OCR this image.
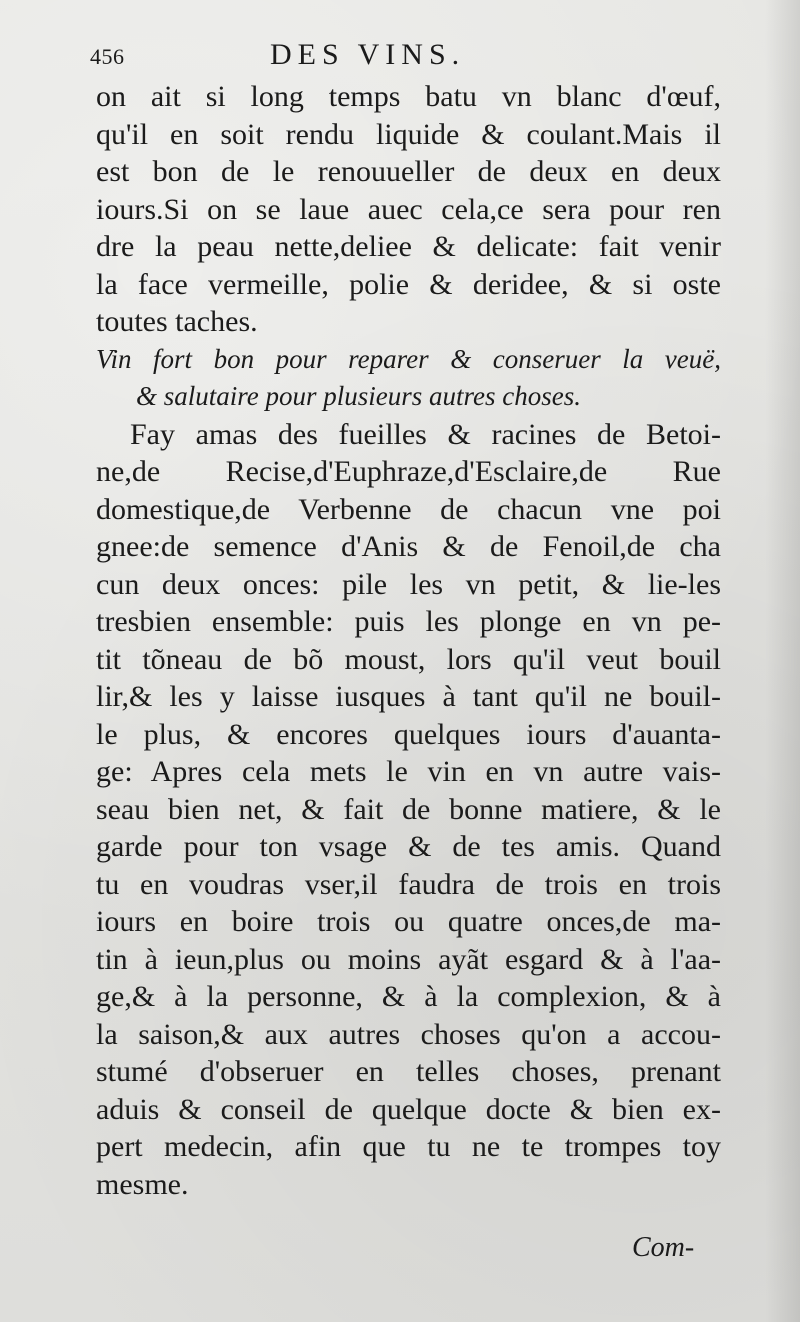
456	DES VINS.
on ait si long temps batu vn blanc d'œuf,
qu'il en soit rendu liquide & coulant.Mais il
est bon de le renouueller de deux en deux
iours.Si on se laue auec cela,ce sera pour ren
dre la peau nette,deliee & delicate: fait venir
la face vermeille, polie & deridee, & si oste
toutes taches.
Vin fort bon pour reparer & conseruer la veuë,
& salutaire pour plusieurs autres choses.
Fay amas des fueilles & racines de Betoi-
ne,de Recise,d'Euphraze,d'Esclaire,de Rue
domestique,de Verbenne de chacun vne poi
gnee:de semence d'Anis & de Fenoil,de cha
cun deux onces: pile les vn petit, & lie-les
tresbien ensemble: puis les plonge en vn pe-
tit tõneau de bõ moust, lors qu'il veut bouil
lir,& les y laisse iusques à tant qu'il ne bouil-
le plus, & encores quelques iours d'auanta-
ge: Apres cela mets le vin en vn autre vais-
seau bien net, & fait de bonne matiere, & le
garde pour ton vsage & de tes amis. Quand
tu en voudras vser,il faudra de trois en trois
iours en boire trois ou quatre onces,de ma-
tin à ieun,plus ou moins ayãt esgard & à l'aa-
ge,& à la personne, & à la complexion, & à
la saison,& aux autres choses qu'on a accou-
stumé d'obseruer en telles choses, prenant
aduis & conseil de quelque docte & bien ex-
pert medecin, afin que tu ne te trompes toy
mesme.
Com-
